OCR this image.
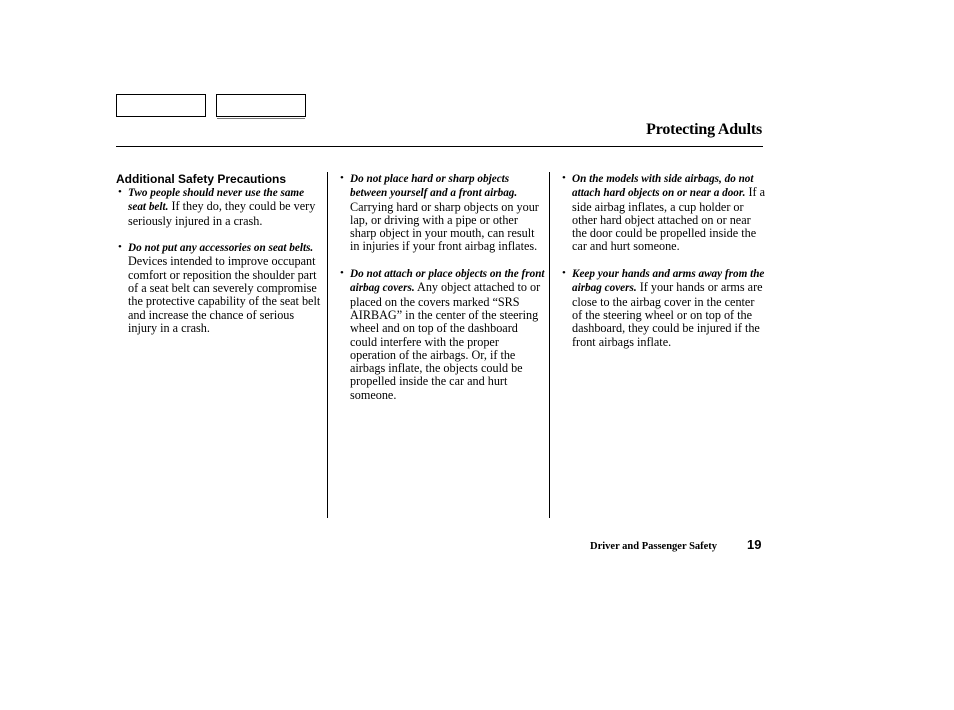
Protecting Adults

Additional Safety Precautions

• Two people should never use the same seat belt. If they do, they could be very seriously injured in a crash.

• Do not put any accessories on seat belts. Devices intended to improve occupant comfort or reposition the shoulder part of a seat belt can severely compromise the protective capability of the seat belt and increase the chance of serious injury in a crash.

• Do not place hard or sharp objects between yourself and a front airbag. Carrying hard or sharp objects on your lap, or driving with a pipe or other sharp object in your mouth, can result in injuries if your front airbag inflates.

• Do not attach or place objects on the front airbag covers. Any object attached to or placed on the covers marked “SRS AIRBAG” in the center of the steering wheel and on top of the dashboard could interfere with the proper operation of the airbags. Or, if the airbags inflate, the objects could be propelled inside the car and hurt someone.

• On the models with side airbags, do not attach hard objects on or near a door. If a side airbag inflates, a cup holder or other hard object attached on or near the door could be propelled inside the car and hurt someone.

• Keep your hands and arms away from the airbag covers. If your hands or arms are close to the airbag cover in the center of the steering wheel or on top of the dashboard, they could be injured if the front airbags inflate.

Driver and Passenger Safety 19
